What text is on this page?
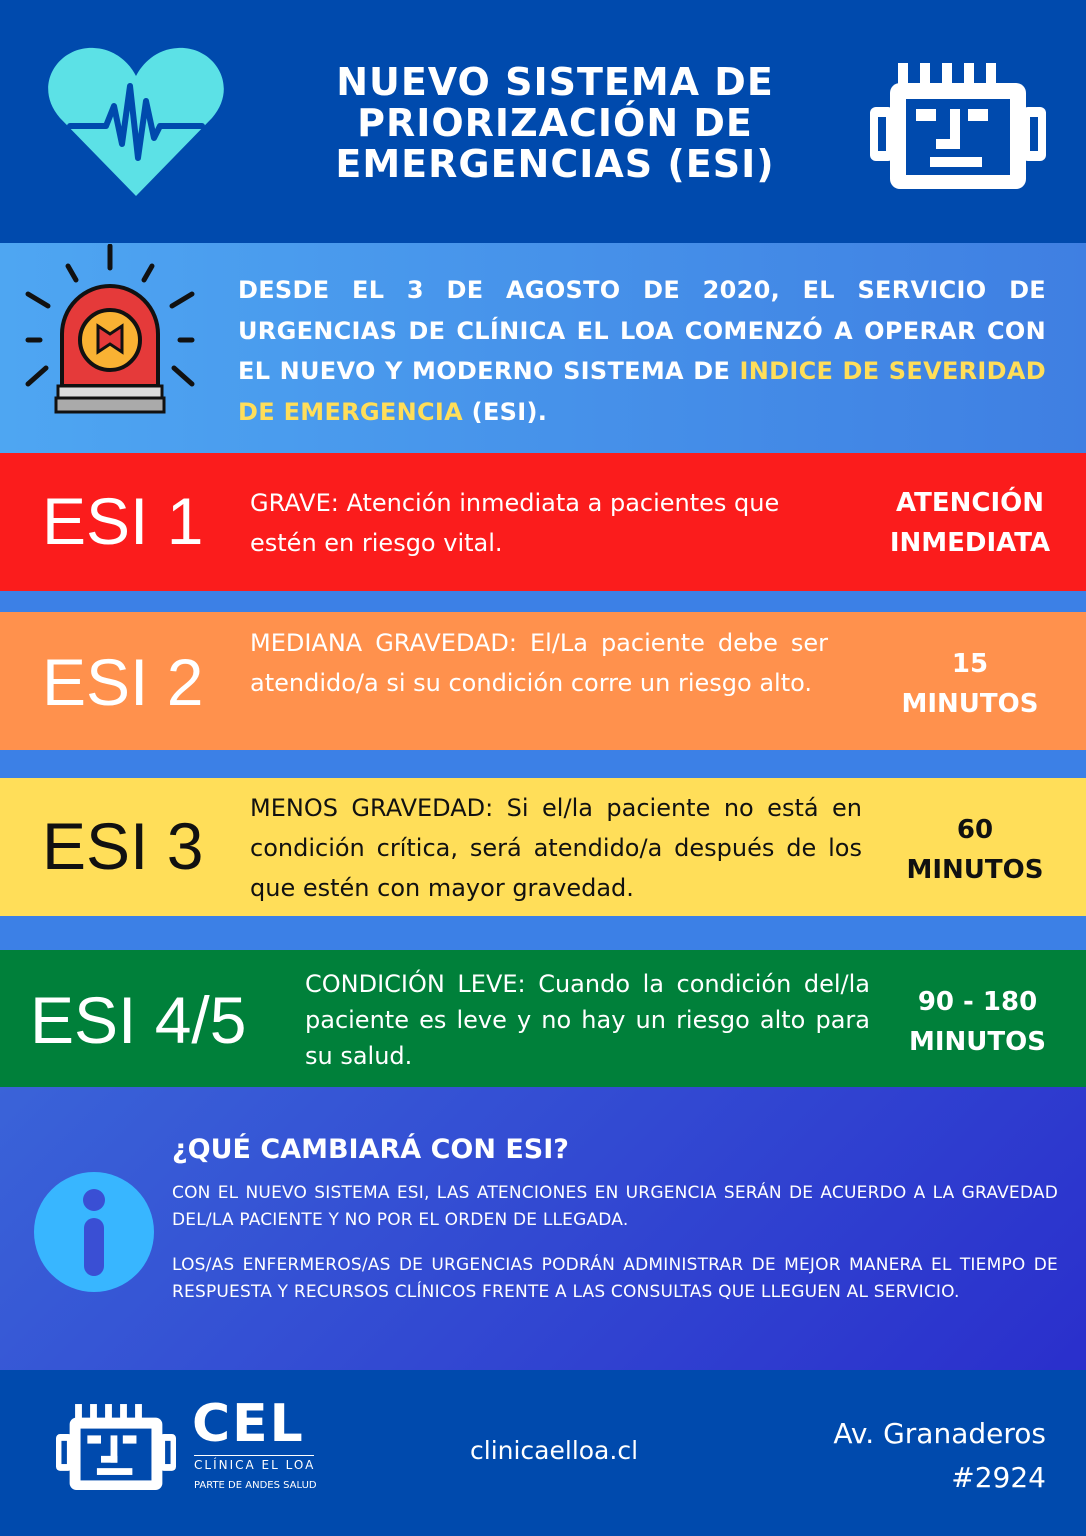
NUEVO SISTEMA DE PRIORIZACIÓN DE EMERGENCIAS (ESI)
DESDE EL 3 DE AGOSTO DE 2020, EL SERVICIO DE URGENCIAS DE CLÍNICA EL LOA COMENZÓ A OPERAR CON EL NUEVO Y MODERNO SISTEMA DE INDICE DE SEVERIDAD DE EMERGENCIA (ESI).
ESI 1 GRAVE: Atención inmediata a pacientes que estén en riesgo vital.
ATENCIÓN
INMEDIATA
ESI 2
MEDIANA GRAVEDAD: El/La paciente debe ser atendido/a si su condición corre un riesgo alto.
15
MINUTOS
ESI 3
MENOS GRAVEDAD: Si el/la paciente no está en condición crítica, será atendido/a después de los que estén con mayor gravedad.
60
MINUTOS
ESI 4/5 CONDICIÓN LEVE: Cuando la condición del/la paciente es leve y no hay un riesgo alto para su salud.
90 - 180
MINUTOS
¿QUÉ CAMBIARÁ CON ESI?
CON EL NUEVO SISTEMA ESI, LAS ATENCIONES EN URGENCIA SERÁN DE ACUERDO A LA GRAVEDAD DEL/LA PACIENTE Y NO POR EL ORDEN DE LLEGADA.
LOS/AS ENFERMEROS/AS DE URGENCIAS PODRÁN ADMINISTRAR DE MEJOR MANERA EL TIEMPO DE RESPUESTA Y RECURSOS CLÍNICOS FRENTE A LAS CONSULTAS QUE LLEGUEN AL SERVICIO.
CEL
CLÍNICA EL LOA
PARTE DE ANDES SALUD
clinicaelloa.cl
Av. Granaderos
#2924
